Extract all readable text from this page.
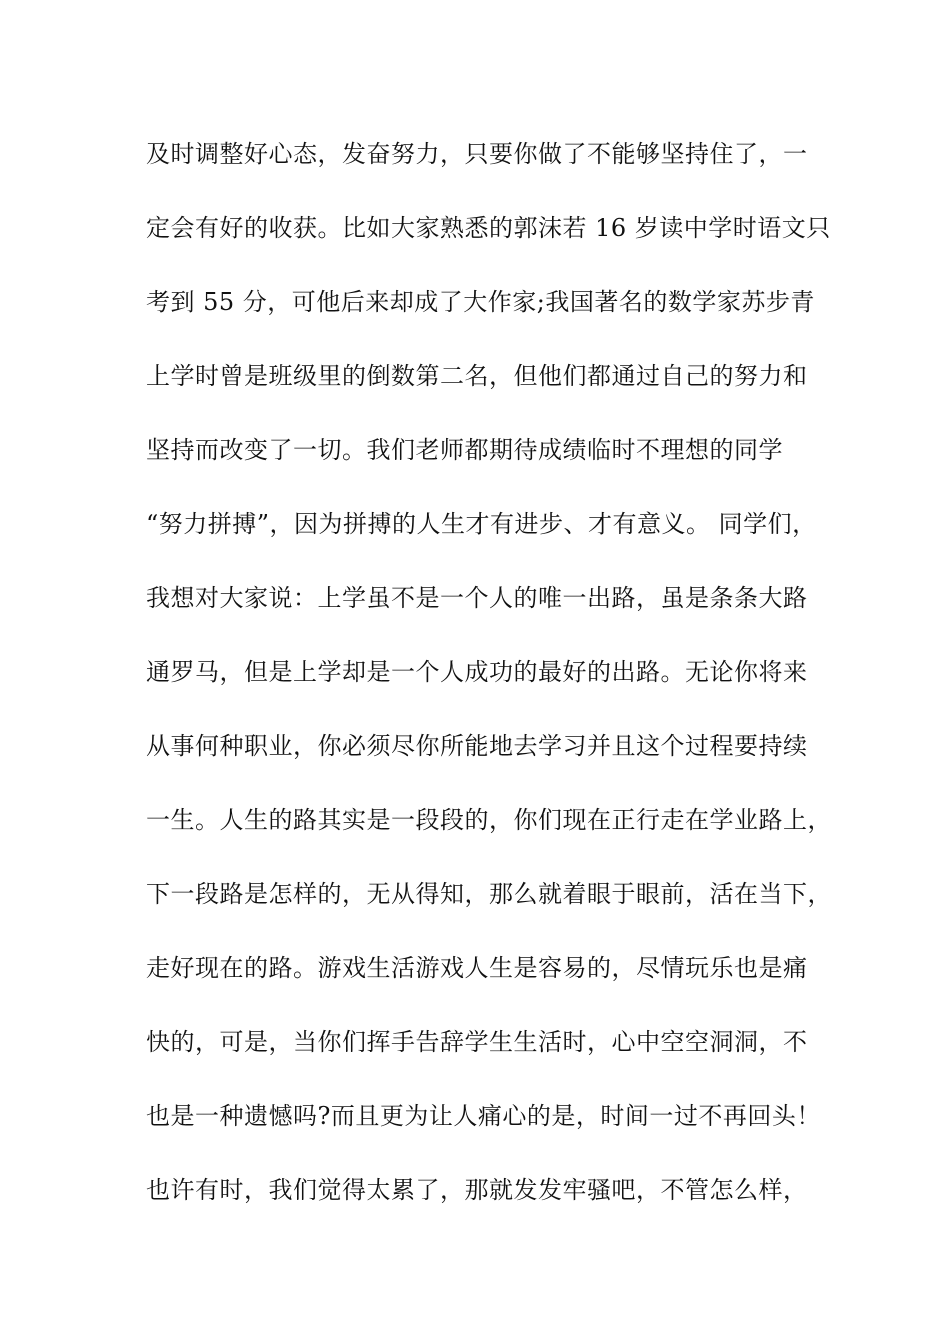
及时调整好心态，发奋努力，只要你做了不能够坚持住了，一
定会有好的收获。比如大家熟悉的郭沫若 16 岁读中学时语文只
考到 55 分，可他后来却成了大作家;我国著名的数学家苏步青
上学时曾是班级里的倒数第二名，但他们都通过自己的努力和
坚持而改变了一切。我们老师都期待成绩临时不理想的同学
“努力拼搏”，因为拼搏的人生才有进步、才有意义。 同学们，
我想对大家说：上学虽不是一个人的唯一出路，虽是条条大路
通罗马，但是上学却是一个人成功的最好的出路。无论你将来
从事何种职业，你必须尽你所能地去学习并且这个过程要持续
一生。人生的路其实是一段段的，你们现在正行走在学业路上，
下一段路是怎样的，无从得知，那么就着眼于眼前，活在当下，
走好现在的路。游戏生活游戏人生是容易的，尽情玩乐也是痛
快的，可是，当你们挥手告辞学生生活时，心中空空洞洞，不
也是一种遗憾吗?而且更为让人痛心的是，时间一过不再回头！
也许有时，我们觉得太累了，那就发发牢骚吧，不管怎么样，
